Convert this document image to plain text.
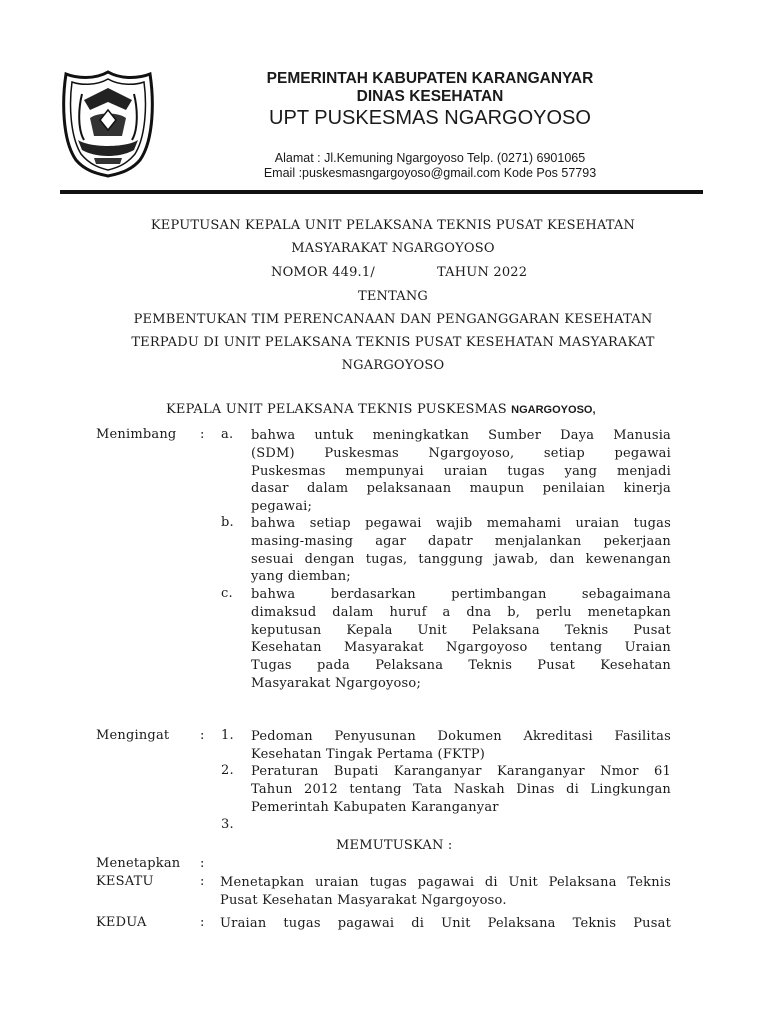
PEMERINTAH KABUPATEN KARANGANYAR
DINAS KESEHATAN
UPT PUSKESMAS NGARGOYOSO
Alamat : Jl.Kemuning Ngargoyoso Telp. (0271) 6901065
Email :puskesmasngargoyoso@gmail.com Kode Pos 57793
KEPUTUSAN KEPALA UNIT PELAKSANA TEKNIS PUSAT KESEHATAN
MASYARAKAT NGARGOYOSO
NOMOR 449.1/	TAHUN 2022
TENTANG
PEMBENTUKAN TIM PERENCANAAN DAN PENGANGGARAN KESEHATAN
TERPADU DI UNIT PELAKSANA TEKNIS PUSAT KESEHATAN MASYARAKAT
NGARGOYOSO
KEPALA UNIT PELAKSANA TEKNIS PUSKESMAS NGARGOYOSO,
Menimbang : a. bahwa untuk meningkatkan Sumber Daya Manusia
(SDM) Puskesmas Ngargoyoso, setiap pegawai
Puskesmas mempunyai uraian tugas yang menjadi
dasar dalam pelaksanaan maupun penilaian kinerja
pegawai;
b. bahwa setiap pegawai wajib memahami uraian tugas
masing-masing agar dapatr menjalankan pekerjaan
sesuai dengan tugas, tanggung jawab, dan kewenangan
yang diemban;
c. bahwa berdasarkan pertimbangan sebagaimana
dimaksud dalam huruf a dna b, perlu menetapkan
keputusan Kepala Unit Pelaksana Teknis Pusat
Kesehatan Masyarakat Ngargoyoso tentang Uraian
Tugas pada Pelaksana Teknis Pusat Kesehatan
Masyarakat Ngargoyoso;
Mengingat : 1. Pedoman Penyusunan Dokumen Akreditasi Fasilitas
Kesehatan Tingak Pertama (FKTP)
2. Peraturan Bupati Karanganyar Karanganyar Nmor 61
Tahun 2012 tentang Tata Naskah Dinas di Lingkungan
Pemerintah Kabupaten Karanganyar
3.
MEMUTUSKAN :
Menetapkan :
KESATU	: Menetapkan uraian tugas pagawai di Unit Pelaksana Teknis
Pusat Kesehatan Masyarakat Ngargoyoso.
KEDUA	: Uraian tugas pagawai di Unit Pelaksana Teknis Pusat
